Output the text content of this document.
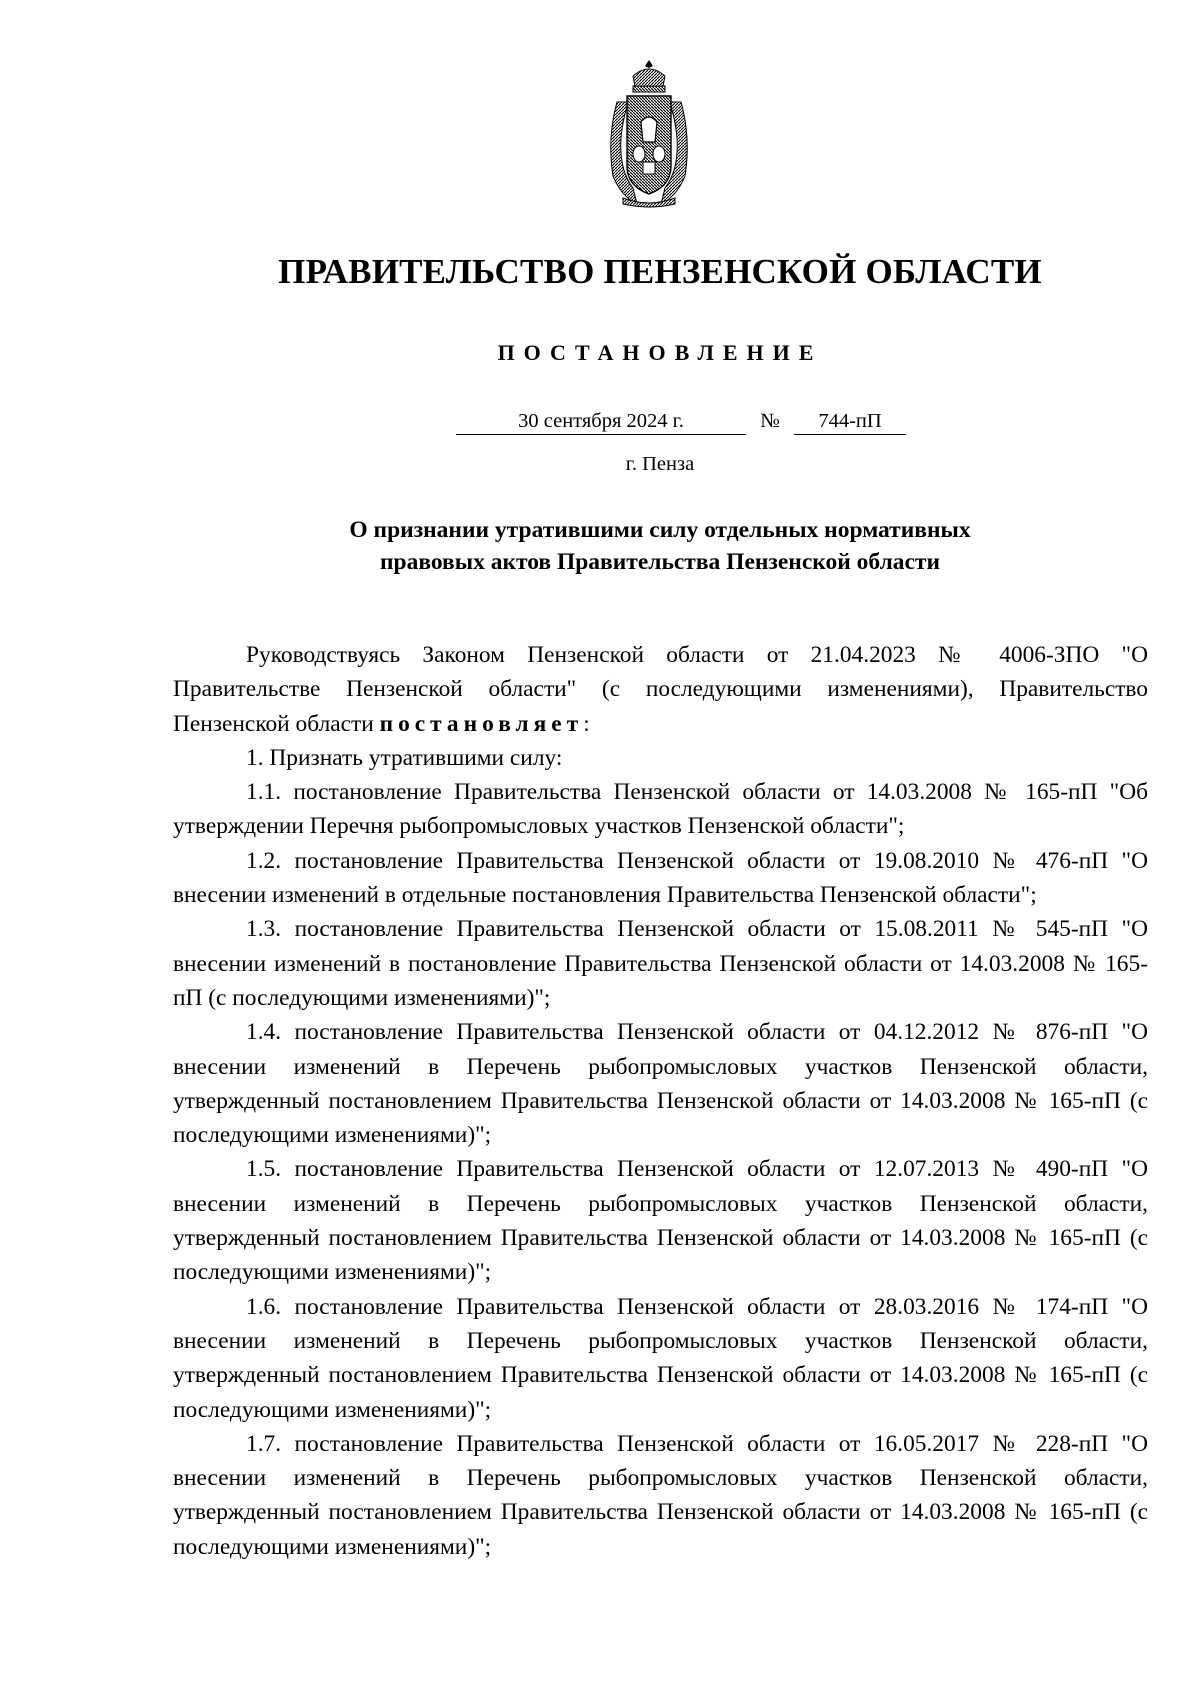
ПРАВИТЕЛЬСТВО ПЕНЗЕНСКОЙ ОБЛАСТИ
ПОСТАНОВЛЕНИЕ
30 сентября 2024 г.	№	744-пП
г. Пенза
О признании утратившими силу отдельных нормативных
правовых актов Правительства Пензенской области

Руководствуясь Законом Пензенской области от 21.04.2023 № 4006-ЗПО "О Правительстве Пензенской области" (с последующими изменениями), Правительство Пензенской области постановляет:

1. Признать утратившими силу:

1.1. постановление Правительства Пензенской области от 14.03.2008 № 165-пП "Об утверждении Перечня рыбопромысловых участков Пензенской области";

1.2. постановление Правительства Пензенской области от 19.08.2010 № 476-пП "О внесении изменений в отдельные постановления Правительства Пензенской области";

1.3. постановление Правительства Пензенской области от 15.08.2011 № 545-пП "О внесении изменений в постановление Правительства Пензенской области от 14.03.2008 № 165-пП (с последующими изменениями)";

1.4. постановление Правительства Пензенской области от 04.12.2012 № 876-пП "О внесении изменений в Перечень рыбопромысловых участков Пензенской области, утвержденный постановлением Правительства Пензенской области от 14.03.2008 № 165-пП (с последующими изменениями)";

1.5. постановление Правительства Пензенской области от 12.07.2013 № 490-пП "О внесении изменений в Перечень рыбопромысловых участков Пензенской области, утвержденный постановлением Правительства Пензенской области от 14.03.2008 № 165-пП (с последующими изменениями)";

1.6. постановление Правительства Пензенской области от 28.03.2016 № 174-пП "О внесении изменений в Перечень рыбопромысловых участков Пензенской области, утвержденный постановлением Правительства Пензенской области от 14.03.2008 № 165-пП (с последующими изменениями)";

1.7. постановление Правительства Пензенской области от 16.05.2017 № 228-пП "О внесении изменений в Перечень рыбопромысловых участков Пензенской области, утвержденный постановлением Правительства Пензенской области от 14.03.2008 № 165-пП (с последующими изменениями)";
